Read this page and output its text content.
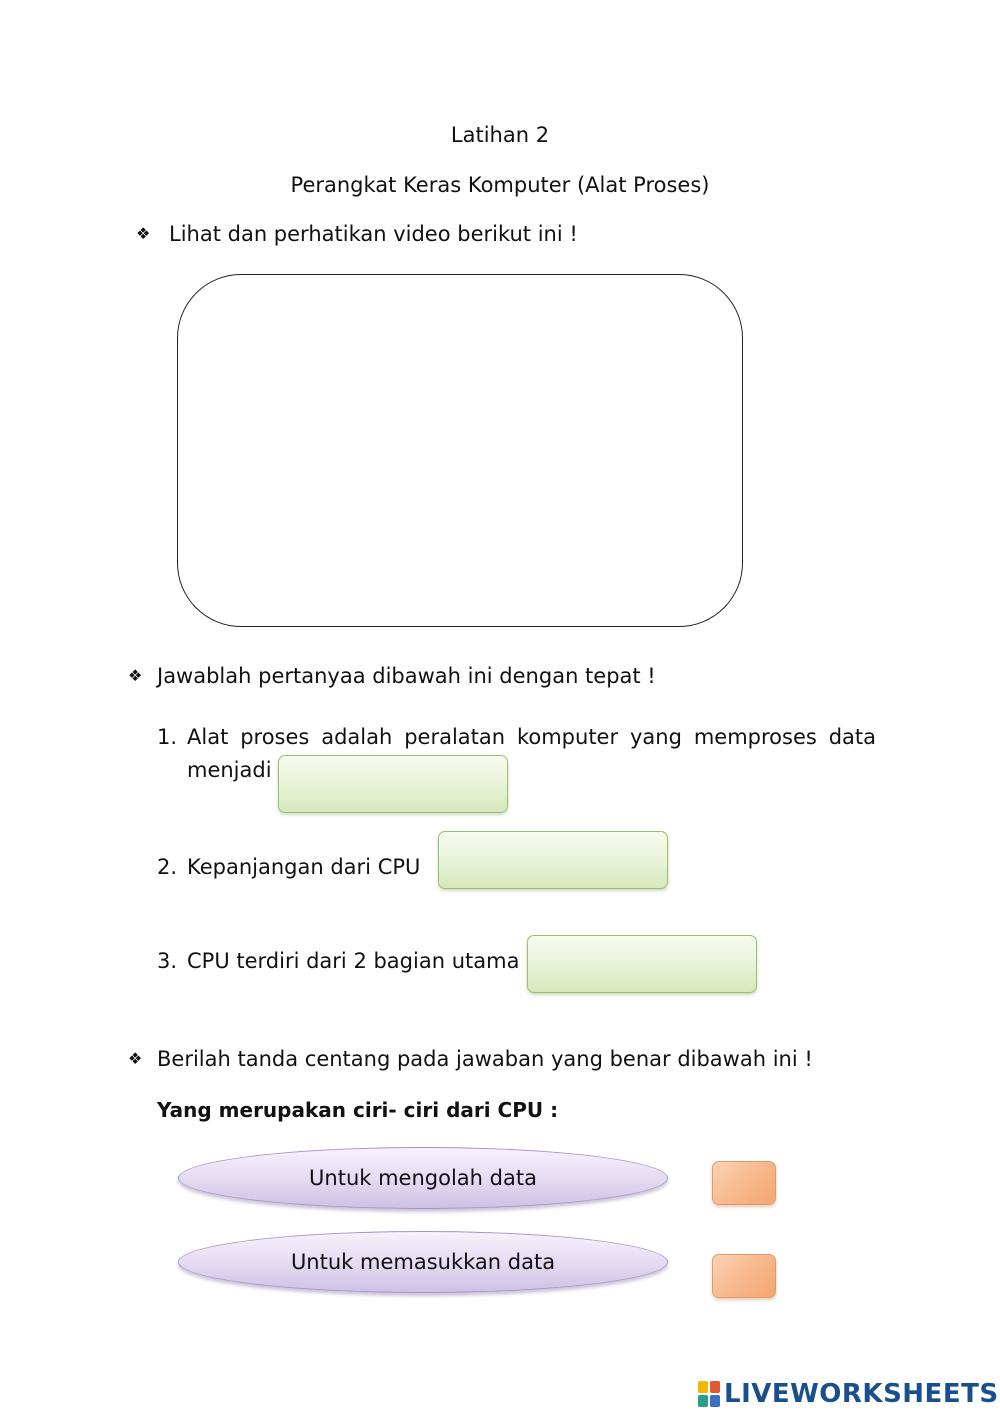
Latihan 2
Perangkat Keras Komputer (Alat Proses)
❖ Lihat dan perhatikan video berikut ini !
❖ Jawablah pertanyaa dibawah ini dengan tepat !
1. Alat proses adalah peralatan komputer yang memproses data
menjadi
2. Kepanjangan dari CPU
3. CPU terdiri dari 2 bagian utama
❖ Berilah tanda centang pada jawaban yang benar dibawah ini !
Yang merupakan ciri- ciri dari CPU :
Untuk mengolah data
Untuk memasukkan data
LIVEWORKSHEETS
